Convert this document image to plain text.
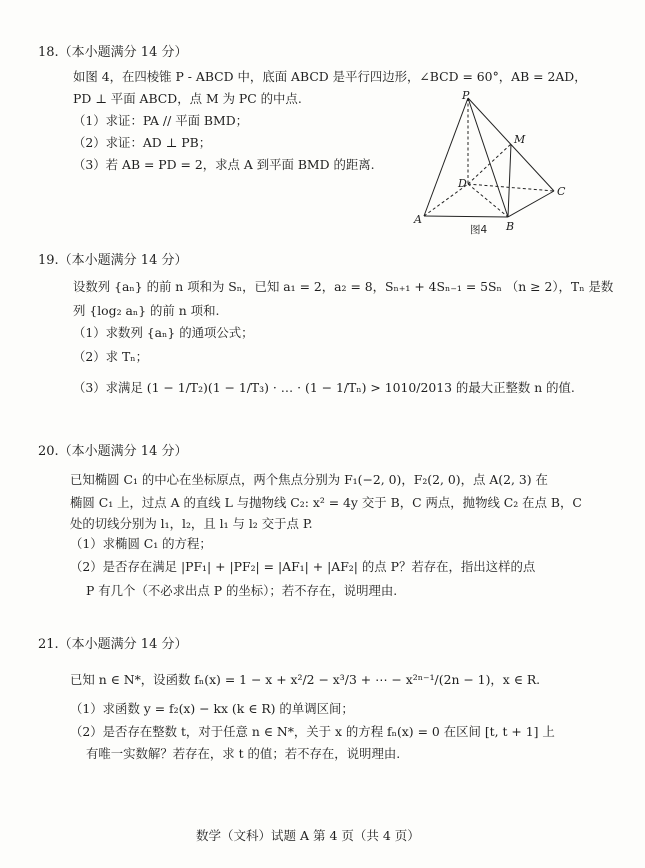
18.（本小题满分 14 分）
如图 4，在四棱锥 P - ABCD 中，底面 ABCD 是平行四边形，∠BCD = 60°，AB = 2AD，
PD ⊥ 平面 ABCD，点 M 为 PC 的中点.
（1）求证：PA // 平面 BMD；
（2）求证：AD ⊥ PB；
（3）若 AB = PD = 2，求点 A 到平面 BMD 的距离.
P
M
D
C
A
B
图4
19.（本小题满分 14 分）
设数列 {aₙ} 的前 n 项和为 Sₙ，已知 a₁ = 2，a₂ = 8，Sₙ₊₁ + 4Sₙ₋₁ = 5Sₙ （n ≥ 2），Tₙ 是数
列 {log₂ aₙ} 的前 n 项和.
（1）求数列 {aₙ} 的通项公式；
（2）求 Tₙ；
（3）求满足 (1 − 1/T₂)(1 − 1/T₃) · … · (1 − 1/Tₙ) > 1010/2013 的最大正整数 n 的值.
20.（本小题满分 14 分）
已知椭圆 C₁ 的中心在坐标原点，两个焦点分别为 F₁(−2, 0)，F₂(2, 0)，点 A(2, 3) 在
椭圆 C₁ 上，过点 A 的直线 L 与抛物线 C₂: x² = 4y 交于 B，C 两点，抛物线 C₂ 在点 B，C
处的切线分别为 l₁，l₂，且 l₁ 与 l₂ 交于点 P.
（1）求椭圆 C₁ 的方程；
（2）是否存在满足 |PF₁| + |PF₂| = |AF₁| + |AF₂| 的点 P？若存在，指出这样的点
P 有几个（不必求出点 P 的坐标）；若不存在，说明理由.
21.（本小题满分 14 分）
已知 n ∈ N*，设函数 fₙ(x) = 1 − x + x²/2 − x³/3 + ⋯ − x²ⁿ⁻¹/(2n − 1)，x ∈ R.
（1）求函数 y = f₂(x) − kx (k ∈ R) 的单调区间；
（2）是否存在整数 t，对于任意 n ∈ N*，关于 x 的方程 fₙ(x) = 0 在区间 [t, t + 1] 上
有唯一实数解？若存在，求 t 的值；若不存在，说明理由.
数学（文科）试题 A 第 4 页（共 4 页）
